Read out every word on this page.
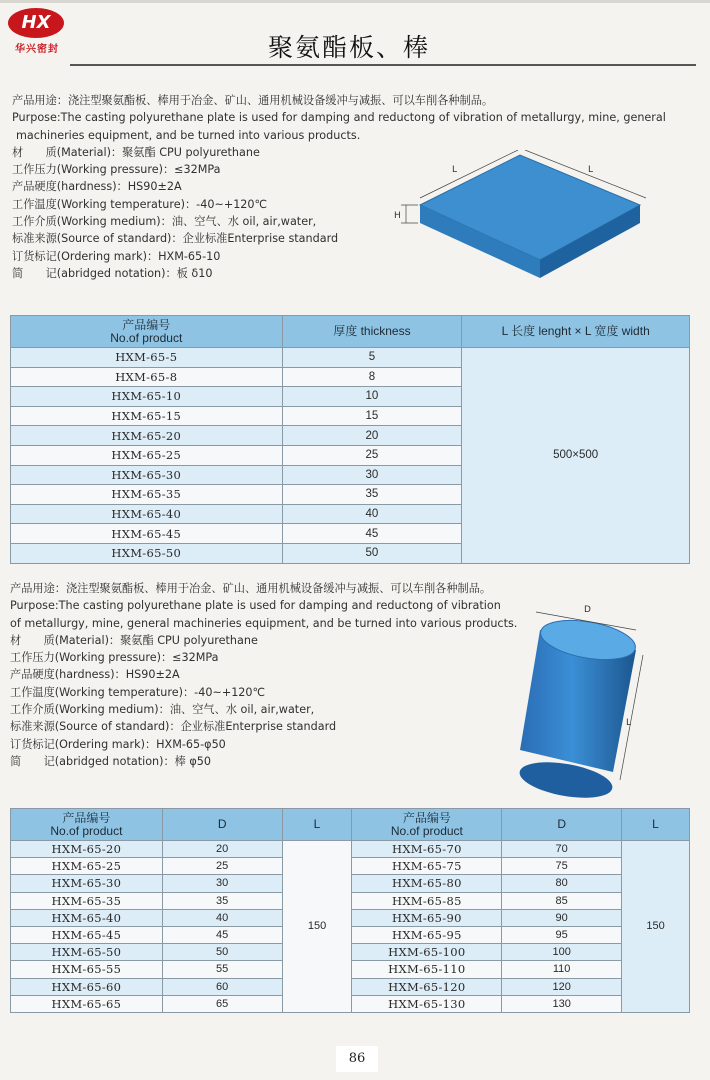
HX
华兴密封	聚氨酯板、棒
产品用途：浇注型聚氨酯板、棒用于冶金、矿山、通用机械设备缓冲与减振、可以车削各种制品。
Purpose:The casting polyurethane plate is used for damping and reductong of vibration of metallurgy, mine, general
machineries equipment, and be turned into various products.
材　　质(Material)：聚氨酯 CPU polyurethane
工作压力(Working pressure)：≤32MPa
产品硬度(hardness)：HS90±2A
工作温度(Working temperature)：-40~+120℃
工作介质(Working medium)：油、空气、水 oil, air,water,
标准来源(Source of standard)：企业标准Enterprise standard
订货标记(Ordering mark)：HXM-65-10
简　　记(abridged notation)：板 δ10
L	L
H
产品编号
No.of product	厚度 thickness	L 长度 lenght × L 宽度 width
HXM-65-5	5	500×500
HXM-65-8	8	
HXM-65-10	10	
HXM-65-15	15	
HXM-65-20	20	
HXM-65-25	25	
HXM-65-30	30	
HXM-65-35	35	
HXM-65-40	40	
HXM-65-45	45	
HXM-65-50	50	
产品用途：浇注型聚氨酯板、棒用于冶金、矿山、通用机械设备缓冲与减振、可以车削各种制品。
Purpose:The casting polyurethane plate is used for damping and reductong of vibration
of metallurgy, mine, general machineries equipment, and be turned into various products.
材　　质(Material)：聚氨酯 CPU polyurethane
工作压力(Working pressure)：≤32MPa
产品硬度(hardness)：HS90±2A
工作温度(Working temperature)：-40~+120℃
工作介质(Working medium)：油、空气、水 oil, air,water,
标准来源(Source of standard)：企业标准Enterprise standard
订货标记(Ordering mark)：HXM-65-φ50
简　　记(abridged notation)：棒 φ50
D
L
产品编号
No.of product	D	L	产品编号
No.of product	D	L
HXM-65-20	20	150	HXM-65-70	70	150
HXM-65-25	25		HXM-65-75	75	
HXM-65-30	30		HXM-65-80	80	
HXM-65-35	35		HXM-65-85	85	
HXM-65-40	40		HXM-65-90	90	
HXM-65-45	45		HXM-65-95	95	
HXM-65-50	50		HXM-65-100	100	
HXM-65-55	55		HXM-65-110	110	
HXM-65-60	60		HXM-65-120	120	
HXM-65-65	65		HXM-65-130	130	
86
